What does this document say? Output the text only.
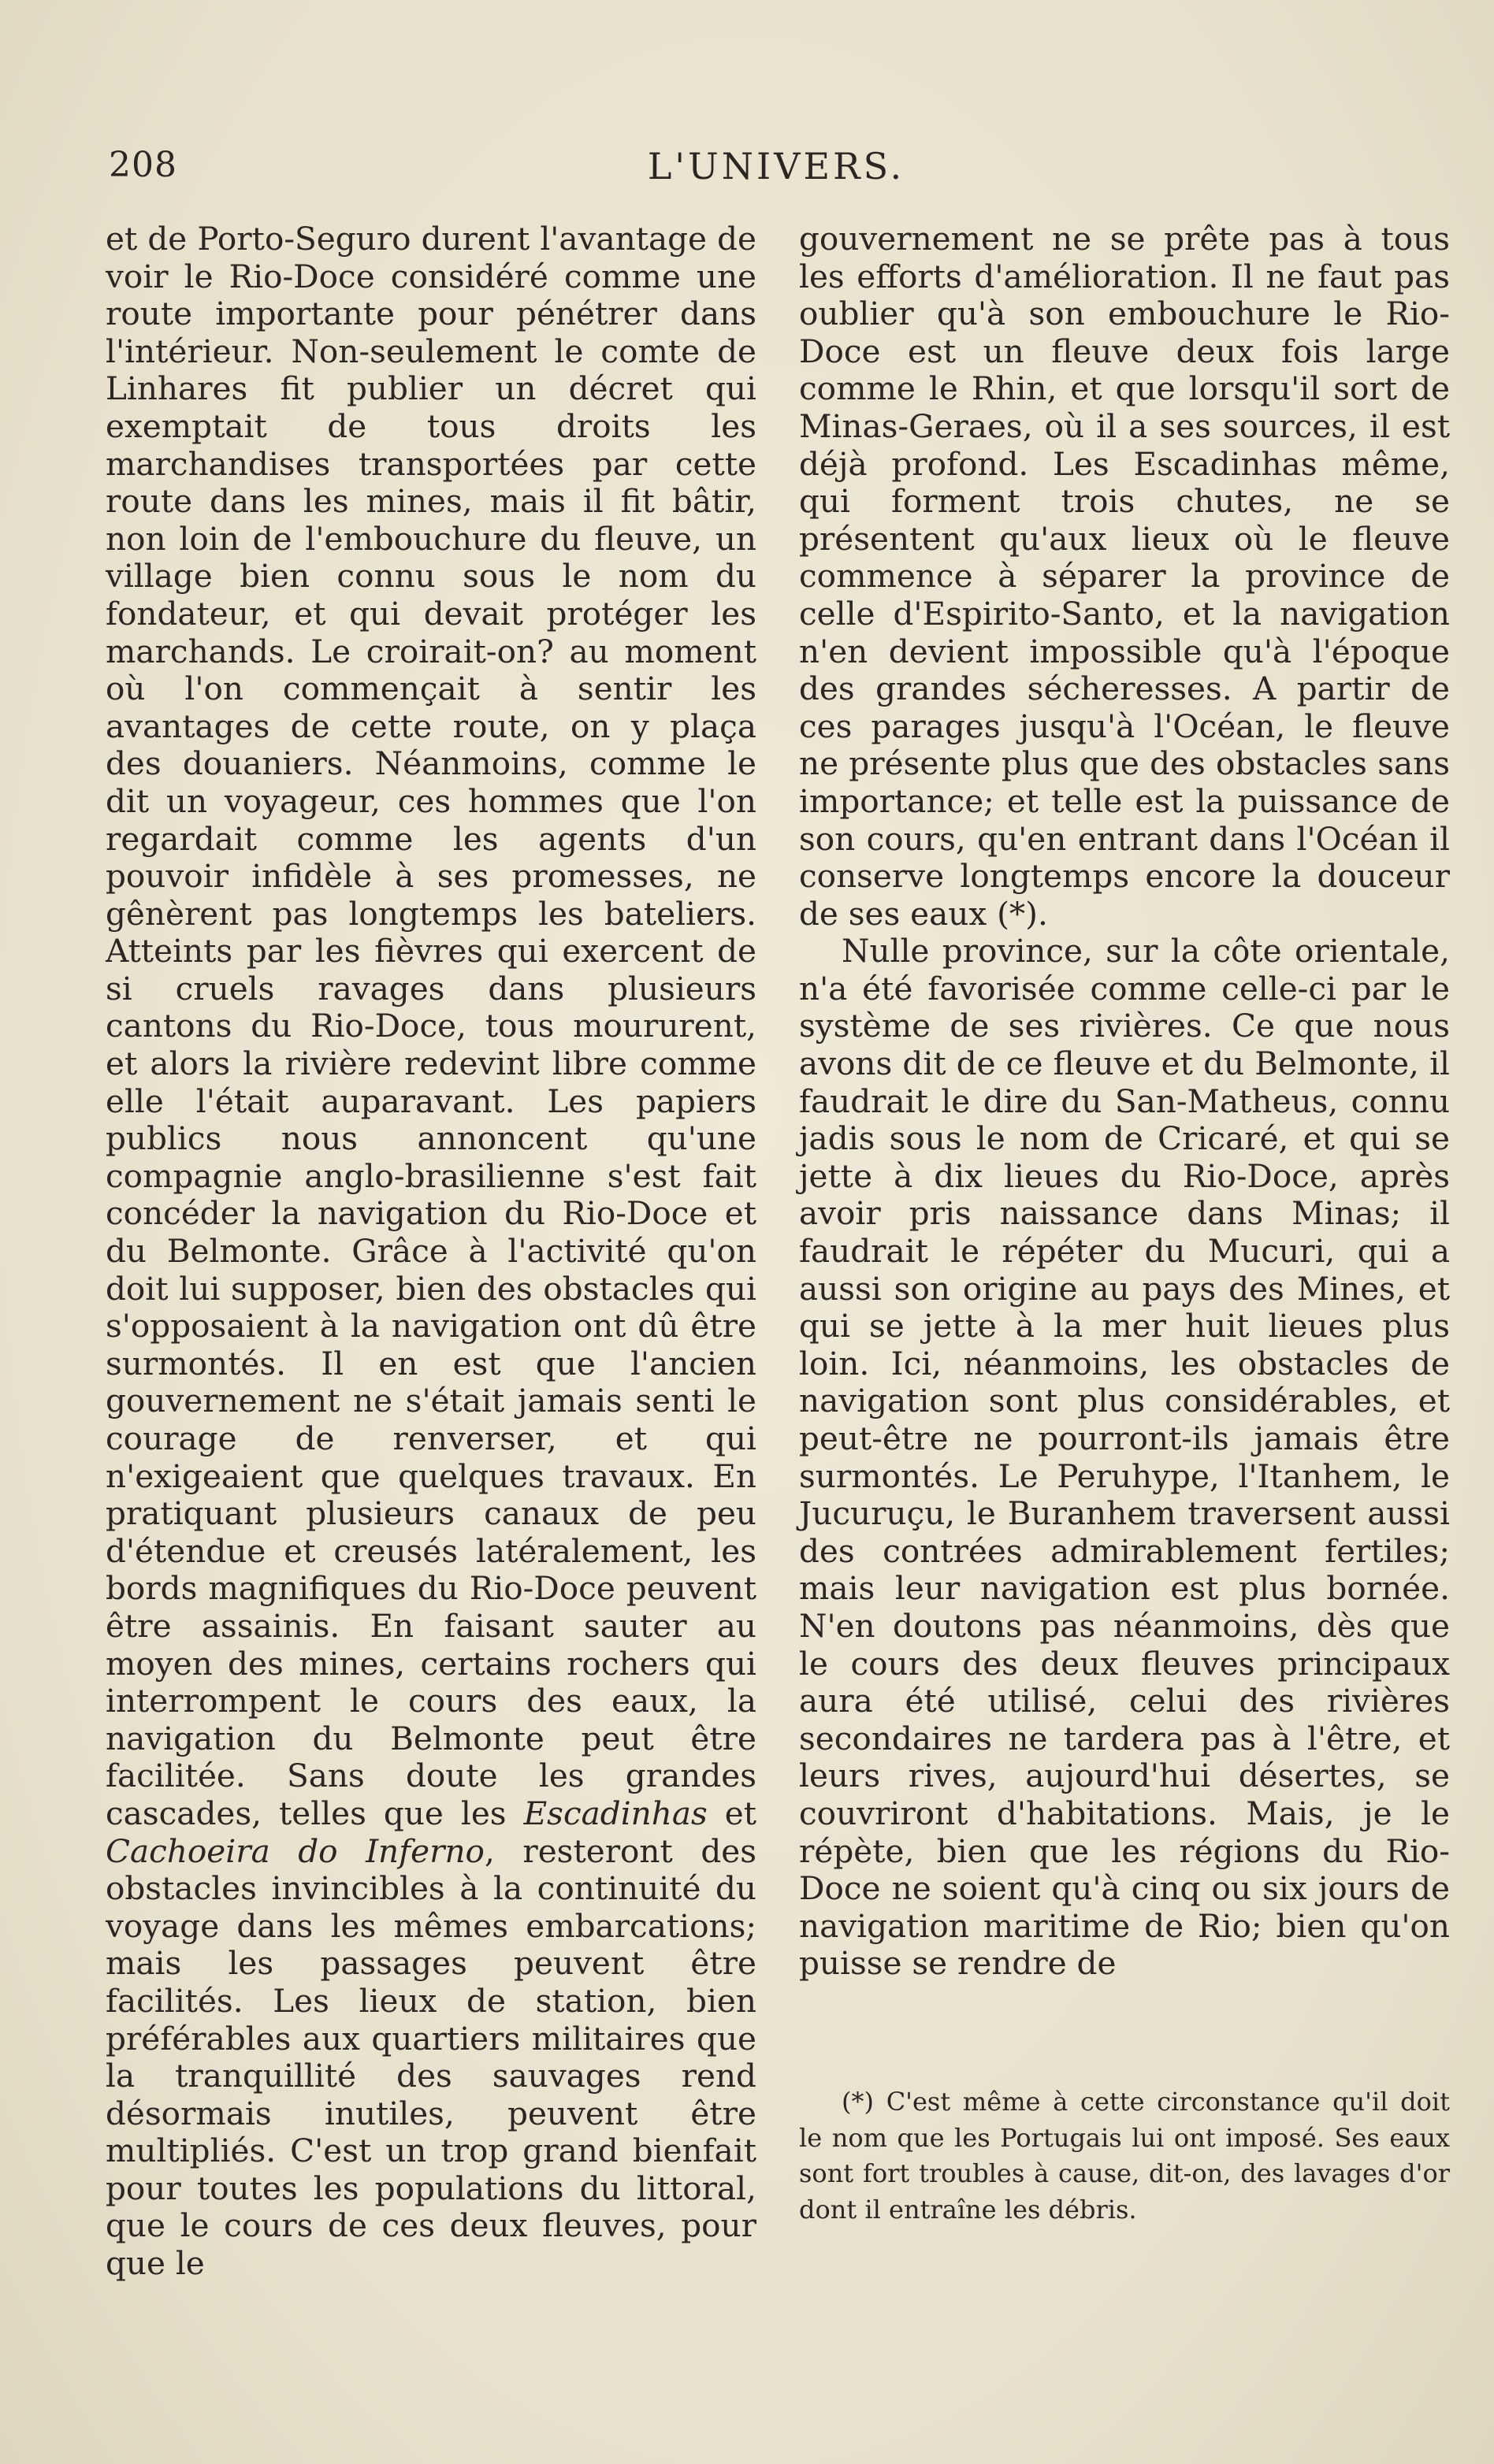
208	L'UNIVERS.

et de Porto-Seguro durent l'avantage de voir le Rio-Doce considéré comme une route importante pour pénétrer dans l'intérieur. Non-seulement le comte de Linhares fit publier un décret qui exemptait de tous droits les marchandises transportées par cette route dans les mines, mais il fit bâtir, non loin de l'embouchure du fleuve, un village bien connu sous le nom du fondateur, et qui devait protéger les marchands. Le croirait-on? au moment où l'on commençait à sentir les avantages de cette route, on y plaça des douaniers. Néanmoins, comme le dit un voyageur, ces hommes que l'on regardait comme les agents d'un pouvoir infidèle à ses promesses, ne gênèrent pas longtemps les bateliers. Atteints par les fièvres qui exercent de si cruels ravages dans plusieurs cantons du Rio-Doce, tous moururent, et alors la rivière redevint libre comme elle l'était auparavant. Les papiers publics nous annoncent qu'une compagnie anglo-brasilienne s'est fait concéder la navigation du Rio-Doce et du Belmonte. Grâce à l'activité qu'on doit lui supposer, bien des obstacles qui s'opposaient à la navigation ont dû être surmontés. Il en est que l'ancien gouvernement ne s'était jamais senti le courage de renverser, et qui n'exigeaient que quelques travaux. En pratiquant plusieurs canaux de peu d'étendue et creusés latéralement, les bords magnifiques du Rio-Doce peuvent être assainis. En faisant sauter au moyen des mines, certains rochers qui interrompent le cours des eaux, la navigation du Belmonte peut être facilitée. Sans doute les grandes cascades, telles que les Escadinhas et Cachoeira do Inferno, resteront des obstacles invincibles à la continuité du voyage dans les mêmes embarcations; mais les passages peuvent être facilités. Les lieux de station, bien préférables aux quartiers militaires que la tranquillité des sauvages rend désormais inutiles, peuvent être multipliés. C'est un trop grand bienfait pour toutes les populations du littoral, que le cours de ces deux fleuves, pour que le

gouvernement ne se prête pas à tous les efforts d'amélioration. Il ne faut pas oublier qu'à son embouchure le Rio-Doce est un fleuve deux fois large comme le Rhin, et que lorsqu'il sort de Minas-Geraes, où il a ses sources, il est déjà profond. Les Escadinhas même, qui forment trois chutes, ne se présentent qu'aux lieux où le fleuve commence à séparer la province de celle d'Espirito-Santo, et la navigation n'en devient impossible qu'à l'époque des grandes sécheresses. A partir de ces parages jusqu'à l'Océan, le fleuve ne présente plus que des obstacles sans importance; et telle est la puissance de son cours, qu'en entrant dans l'Océan il conserve longtemps encore la douceur de ses eaux (*).

Nulle province, sur la côte orientale, n'a été favorisée comme celle-ci par le système de ses rivières. Ce que nous avons dit de ce fleuve et du Belmonte, il faudrait le dire du San-Matheus, connu jadis sous le nom de Cricaré, et qui se jette à dix lieues du Rio-Doce, après avoir pris naissance dans Minas; il faudrait le répéter du Mucuri, qui a aussi son origine au pays des Mines, et qui se jette à la mer huit lieues plus loin. Ici, néanmoins, les obstacles de navigation sont plus considérables, et peut-être ne pourront-ils jamais être surmontés. Le Peruhype, l'Itanhem, le Jucuruçu, le Buranhem traversent aussi des contrées admirablement fertiles; mais leur navigation est plus bornée. N'en doutons pas néanmoins, dès que le cours des deux fleuves principaux aura été utilisé, celui des rivières secondaires ne tardera pas à l'être, et leurs rives, aujourd'hui désertes, se couvriront d'habitations. Mais, je le répète, bien que les régions du Rio-Doce ne soient qu'à cinq ou six jours de navigation maritime de Rio; bien qu'on puisse se rendre de

(*) C'est même à cette circonstance qu'il doit le nom que les Portugais lui ont imposé. Ses eaux sont fort troubles à cause, dit-on, des lavages d'or dont il entraîne les débris.
